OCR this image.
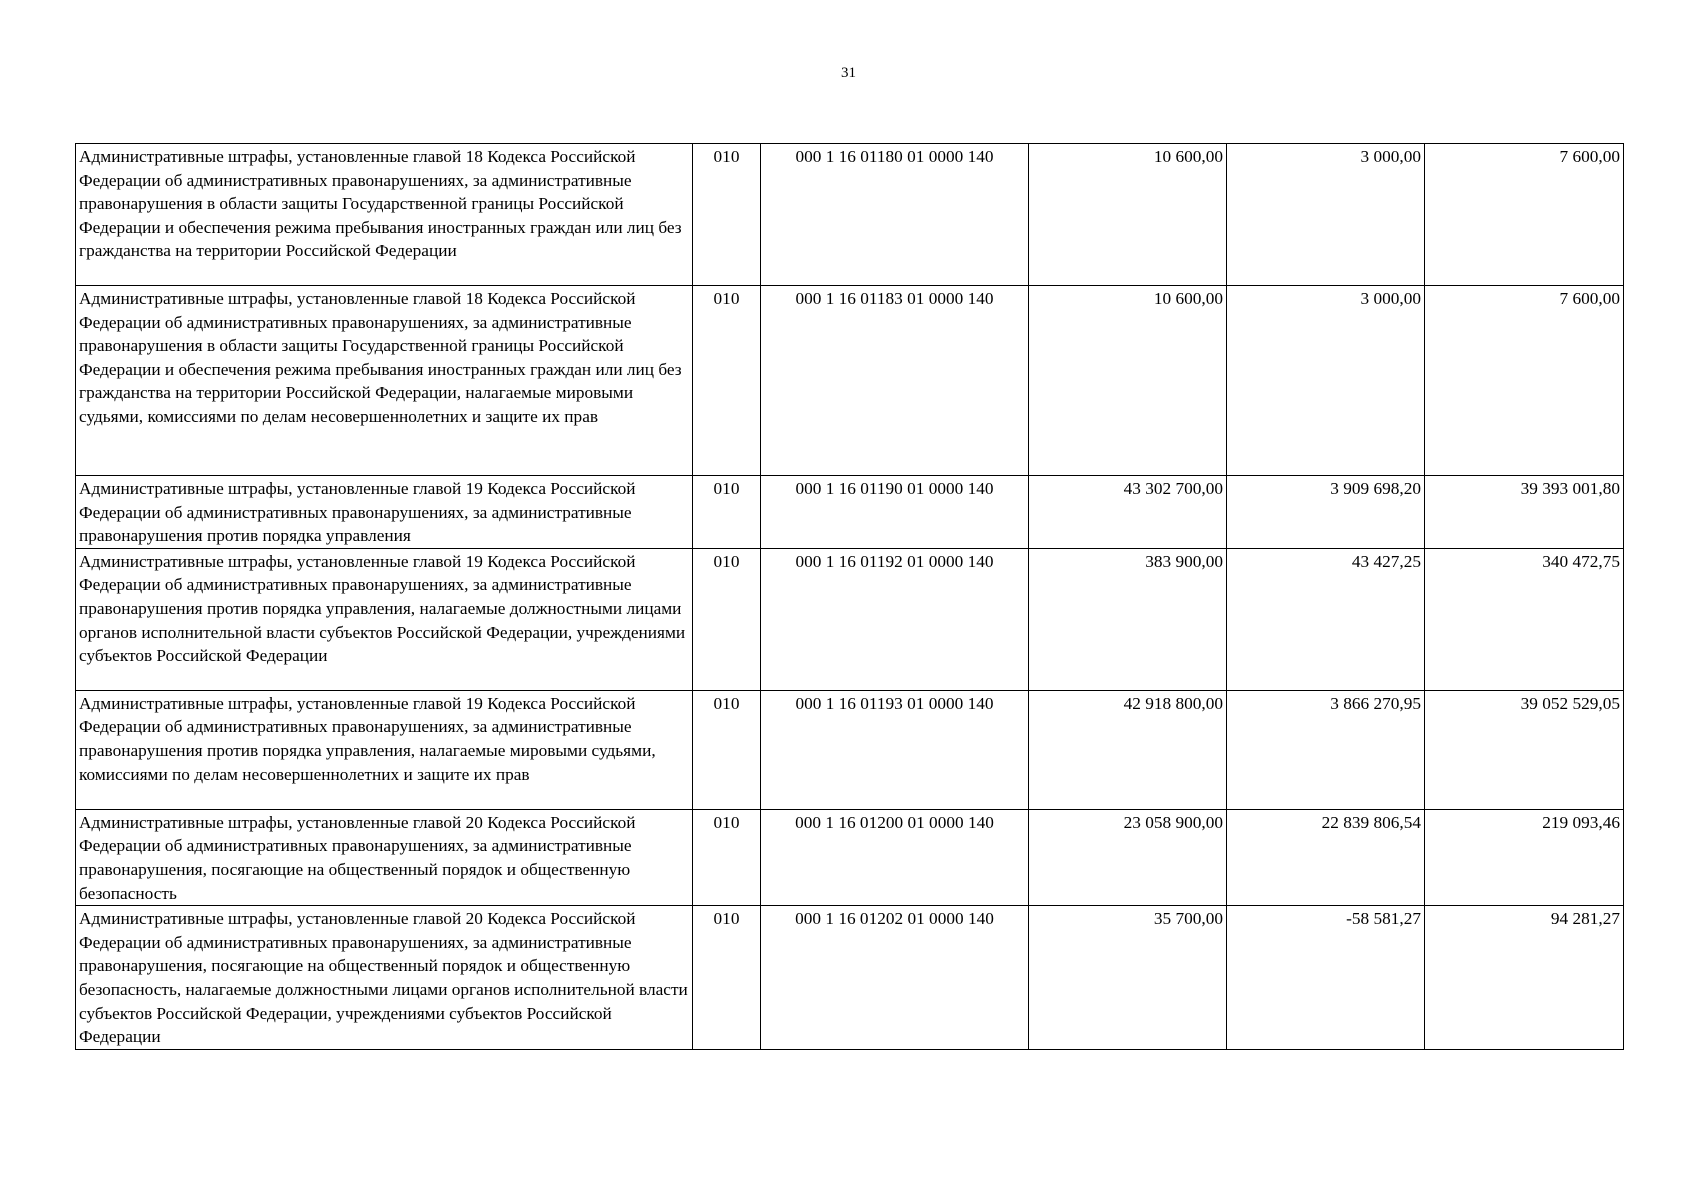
31
Административные штрафы, установленные главой 18 Кодекса Российской Федерации об административных правонарушениях, за административные правонарушения в области защиты Государственной границы Российской Федерации и обеспечения режима пребывания иностранных граждан или лиц без гражданства на территории Российской Федерации	010	000 1 16 01180 01 0000 140	10 600,00	3 000,00	7 600,00
Административные штрафы, установленные главой 18 Кодекса Российской Федерации об административных правонарушениях, за административные правонарушения в области защиты Государственной границы Российской Федерации и обеспечения режима пребывания иностранных граждан или лиц без гражданства на территории Российской Федерации, налагаемые мировыми судьями, комиссиями по делам несовершеннолетних и защите их прав	010	000 1 16 01183 01 0000 140	10 600,00	3 000,00	7 600,00
Административные штрафы, установленные главой 19 Кодекса Российской Федерации об административных правонарушениях, за административные правонарушения против порядка управления	010	000 1 16 01190 01 0000 140	43 302 700,00	3 909 698,20	39 393 001,80
Административные штрафы, установленные главой 19 Кодекса Российской Федерации об административных правонарушениях, за административные правонарушения против порядка управления, налагаемые должностными лицами органов исполнительной власти субъектов Российской Федерации, учреждениями субъектов Российской Федерации	010	000 1 16 01192 01 0000 140	383 900,00	43 427,25	340 472,75
Административные штрафы, установленные главой 19 Кодекса Российской Федерации об административных правонарушениях, за административные правонарушения против порядка управления, налагаемые мировыми судьями, комиссиями по делам несовершеннолетних и защите их прав	010	000 1 16 01193 01 0000 140	42 918 800,00	3 866 270,95	39 052 529,05
Административные штрафы, установленные главой 20 Кодекса Российской Федерации об административных правонарушениях, за административные правонарушения, посягающие на общественный порядок и общественную безопасность	010	000 1 16 01200 01 0000 140	23 058 900,00	22 839 806,54	219 093,46
Административные штрафы, установленные главой 20 Кодекса Российской Федерации об административных правонарушениях, за административные правонарушения, посягающие на общественный порядок и общественную безопасность, налагаемые должностными лицами органов исполнительной власти субъектов Российской Федерации, учреждениями субъектов Российской Федерации	010	000 1 16 01202 01 0000 140	35 700,00	-58 581,27	94 281,27
